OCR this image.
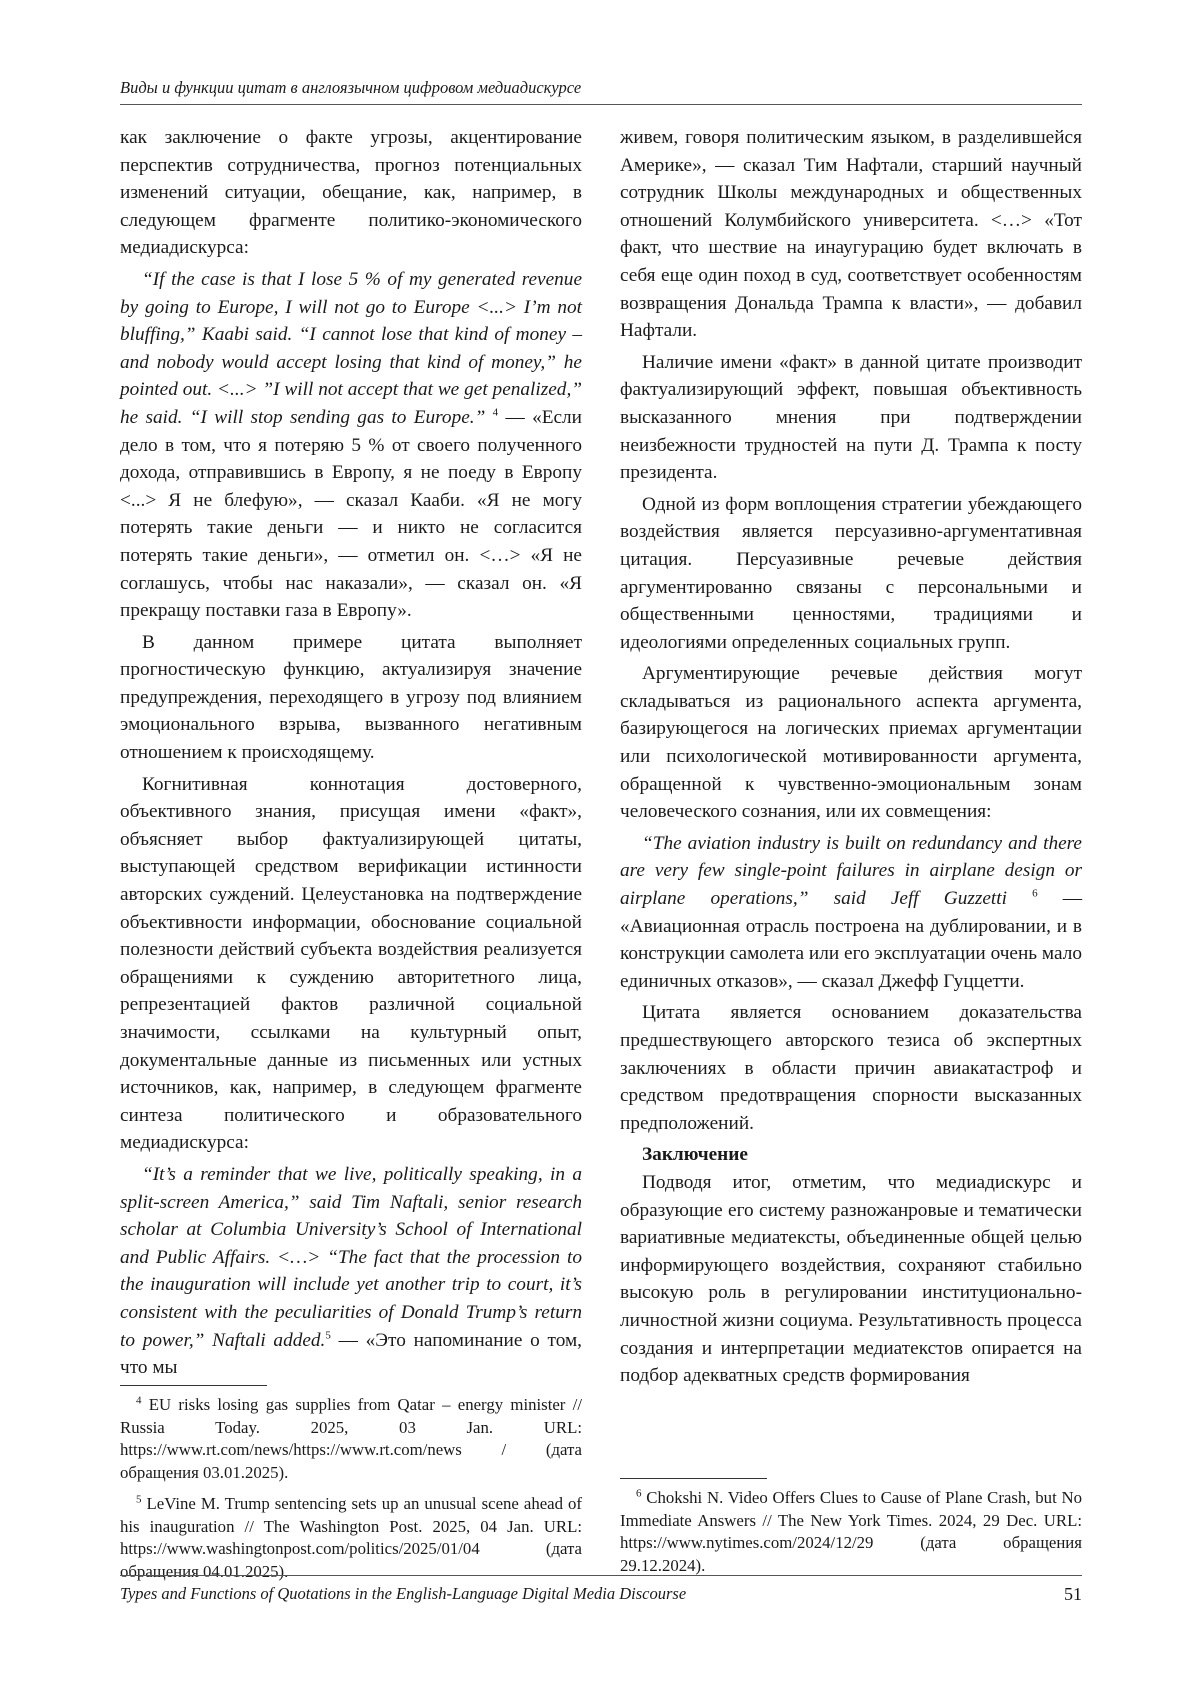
Виды и функции цитат в англоязычном цифровом медиадискурсе

как заключение о факте угрозы, акцентирование перспектив сотрудничества, прогноз потенциальных изменений ситуации, обещание, как, например, в следующем фрагменте политико-экономического медиадискурса:

“If the case is that I lose 5 % of my generated revenue by going to Europe, I will not go to Europe <...> I’m not bluffing,” Kaabi said. “I cannot lose that kind of money – and nobody would accept losing that kind of money,” he pointed out. <...> ”I will not accept that we get penalized,” he said. “I will stop sending gas to Europe.” $^4$ — «Если дело в том, что я потеряю 5 % от своего полученного дохода, отправившись в Европу, я не поеду в Европу <...> Я не блефую», — сказал Кааби. «Я не могу потерять такие деньги — и никто не согласится потерять такие деньги», — отметил он. <…> «Я не соглашусь, чтобы нас наказали», — сказал он. «Я прекращу поставки газа в Европу».

В данном примере цитата выполняет прогностическую функцию, актуализируя значение предупреждения, переходящего в угрозу под влиянием эмоционального взрыва, вызванного негативным отношением к происходящему.

Когнитивная коннотация достоверного, объективного знания, присущая имени «факт», объясняет выбор фактуализирующей цитаты, выступающей средством верификации истинности авторских суждений. Целеустановка на подтверждение объективности информации, обоснование социальной полезности действий субъекта воздействия реализуется обращениями к суждению авторитетного лица, репрезентацией фактов различной социальной значимости, ссылками на культурный опыт, документальные данные из письменных или устных источников, как, например, в следующем фрагменте синтеза политического и образовательного медиадискурса:

“It’s a reminder that we live, politically speaking, in a split-screen America,” said Tim Naftali, senior research scholar at Columbia University’s School of International and Public Affairs. <…> “The fact that the procession to the inauguration will include yet another trip to court, it’s consistent with the peculiarities of Donald Trump’s return to power,” Naftali added.$^5$ — «Это напоминание о том, что мы

живем, говоря политическим языком, в разделившейся Америке», — сказал Тим Нафтали, старший научный сотрудник Школы международных и общественных отношений Колумбийского университета. <…> «Тот факт, что шествие на инаугурацию будет включать в себя еще один поход в суд, соответствует особенностям возвращения Дональда Трампа к власти», — добавил Нафтали.

Наличие имени «факт» в данной цитате производит фактуализирующий эффект, повышая объективность высказанного мнения при подтверждении неизбежности трудностей на пути Д. Трампа к посту президента.

Одной из форм воплощения стратегии убеждающего воздействия является персуазивно-аргументативная цитация. Персуазивные речевые действия аргументированно связаны с персональными и общественными ценностями, традициями и идеологиями определенных социальных групп.

Аргументирующие речевые действия могут складываться из рационального аспекта аргумента, базирующегося на логических приемах аргументации или психологической мотивированности аргумента, обращенной к чувственно-эмоциональным зонам человеческого сознания, или их совмещения:

“The aviation industry is built on redundancy and there are very few single-point failures in airplane design or airplane operations,” said Jeff Guzzetti $^6$ — «Авиационная отрасль построена на дублировании, и в конструкции самолета или его эксплуатации очень мало единичных отказов», — сказал Джефф Гуццетти.

Цитата является основанием доказательства предшествующего авторского тезиса об экспертных заключениях в области причин авиакатастроф и средством предотвращения спорности высказанных предположений.

Заключение

Подводя итог, отметим, что медиадискурс и образующие его систему разножанровые и тематически вариативные медиатексты, объединенные общей целью информирующего воздействия, сохраняют стабильно высокую роль в регулировании институционально-личностной жизни социума. Результативность процесса создания и интерпретации медиатекстов опирается на подбор адекватных средств формирования

$^4$ EU risks losing gas supplies from Qatar – energy minister // Russia Today. 2025, 03 Jan. URL: https://www.rt.com/news/https://www.rt.com/news / (дата обращения 03.01.2025).

$^5$ LeVine M. Trump sentencing sets up an unusual scene ahead of his inauguration // The Washington Post. 2025, 04 Jan. URL: https://www.washingtonpost.com/politics/2025/01/04 (дата обращения 04.01.2025).

$^6$ Chokshi N. Video Offers Clues to Cause of Plane Crash, but No Immediate Answers // The New York Times. 2024, 29 Dec. URL: https://www.nytimes.com/2024/12/29 (дата обращения 29.12.2024).

Types and Functions of Quotations in the English-Language Digital Media Discourse	51
